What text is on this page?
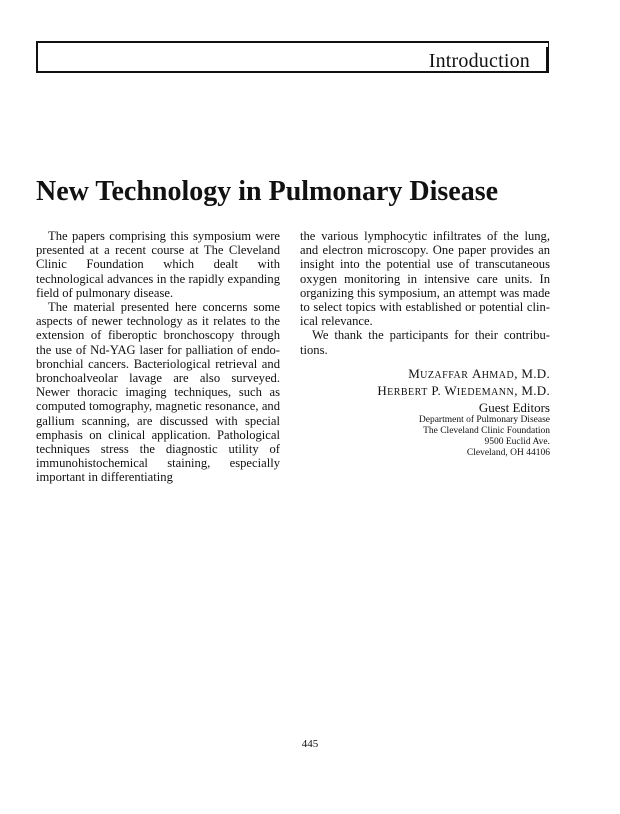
Introduction
New Technology in Pulmonary Disease

The papers comprising this symposium were presented at a recent course at The Cleveland Clinic Foundation which dealt with technological advances in the rapidly expanding field of pulmonary disease.

The material presented here concerns some aspects of newer technology as it relates to the extension of fiberoptic bronchoscopy through the use of Nd-YAG laser for palliation of endobronchial cancers. Bacteriological retrieval and bronchoalveolar lavage are also surveyed. Newer thoracic imaging techniques, such as computed tomography, magnetic resonance, and gallium scanning, are discussed with special emphasis on clinical application. Pathological techniques stress the diagnostic utility of immunohistochemical staining, especially important in differentiating

the various lymphocytic infiltrates of the lung, and electron microscopy. One paper provides an insight into the potential use of transcutaneous oxygen monitoring in intensive care units. In organizing this symposium, an attempt was made to select topics with established or potential clinical relevance.

We thank the participants for their contributions.

MUZAFFAR AHMAD, M.D.
HERBERT P. WIEDEMANN, M.D.
Guest Editors
Department of Pulmonary Disease
The Cleveland Clinic Foundation
9500 Euclid Ave.
Cleveland, OH 44106
445
